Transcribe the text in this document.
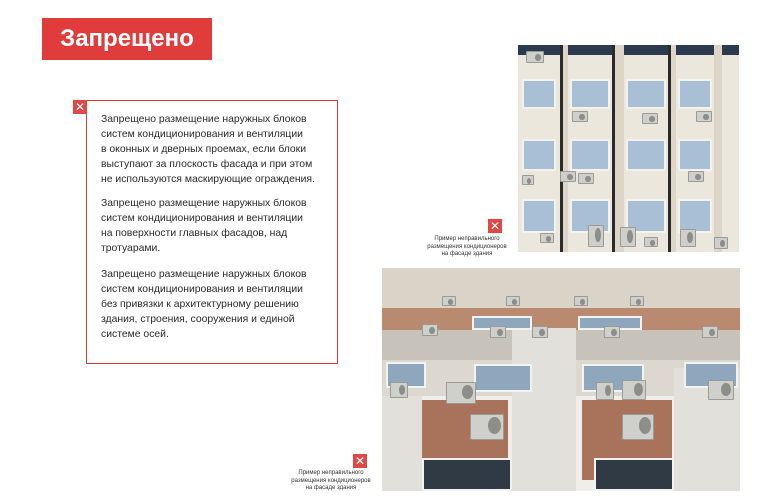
Запрещено
✕
Запрещено размещение наружных блоков
систем кондиционирования и вентиляции
в оконных и дверных проемах, если блоки
выступают за плоскость фасада и при этом
не используются маскирующие ограждения.
Запрещено размещение наружных блоков
систем кондиционирования и вентиляции
на поверхности главных фасадов, над
тротуарами.
Запрещено размещение наружных блоков
систем кондиционирования и вентиляции
без привязки к архитектурному решению
здания, строения, сооружения и единой
системе осей.
✕
Пример неправильного
размещения кондиционеров
на фасаде здания
✕
Пример неправильного
размещения кондиционеров
на фасаде здания
